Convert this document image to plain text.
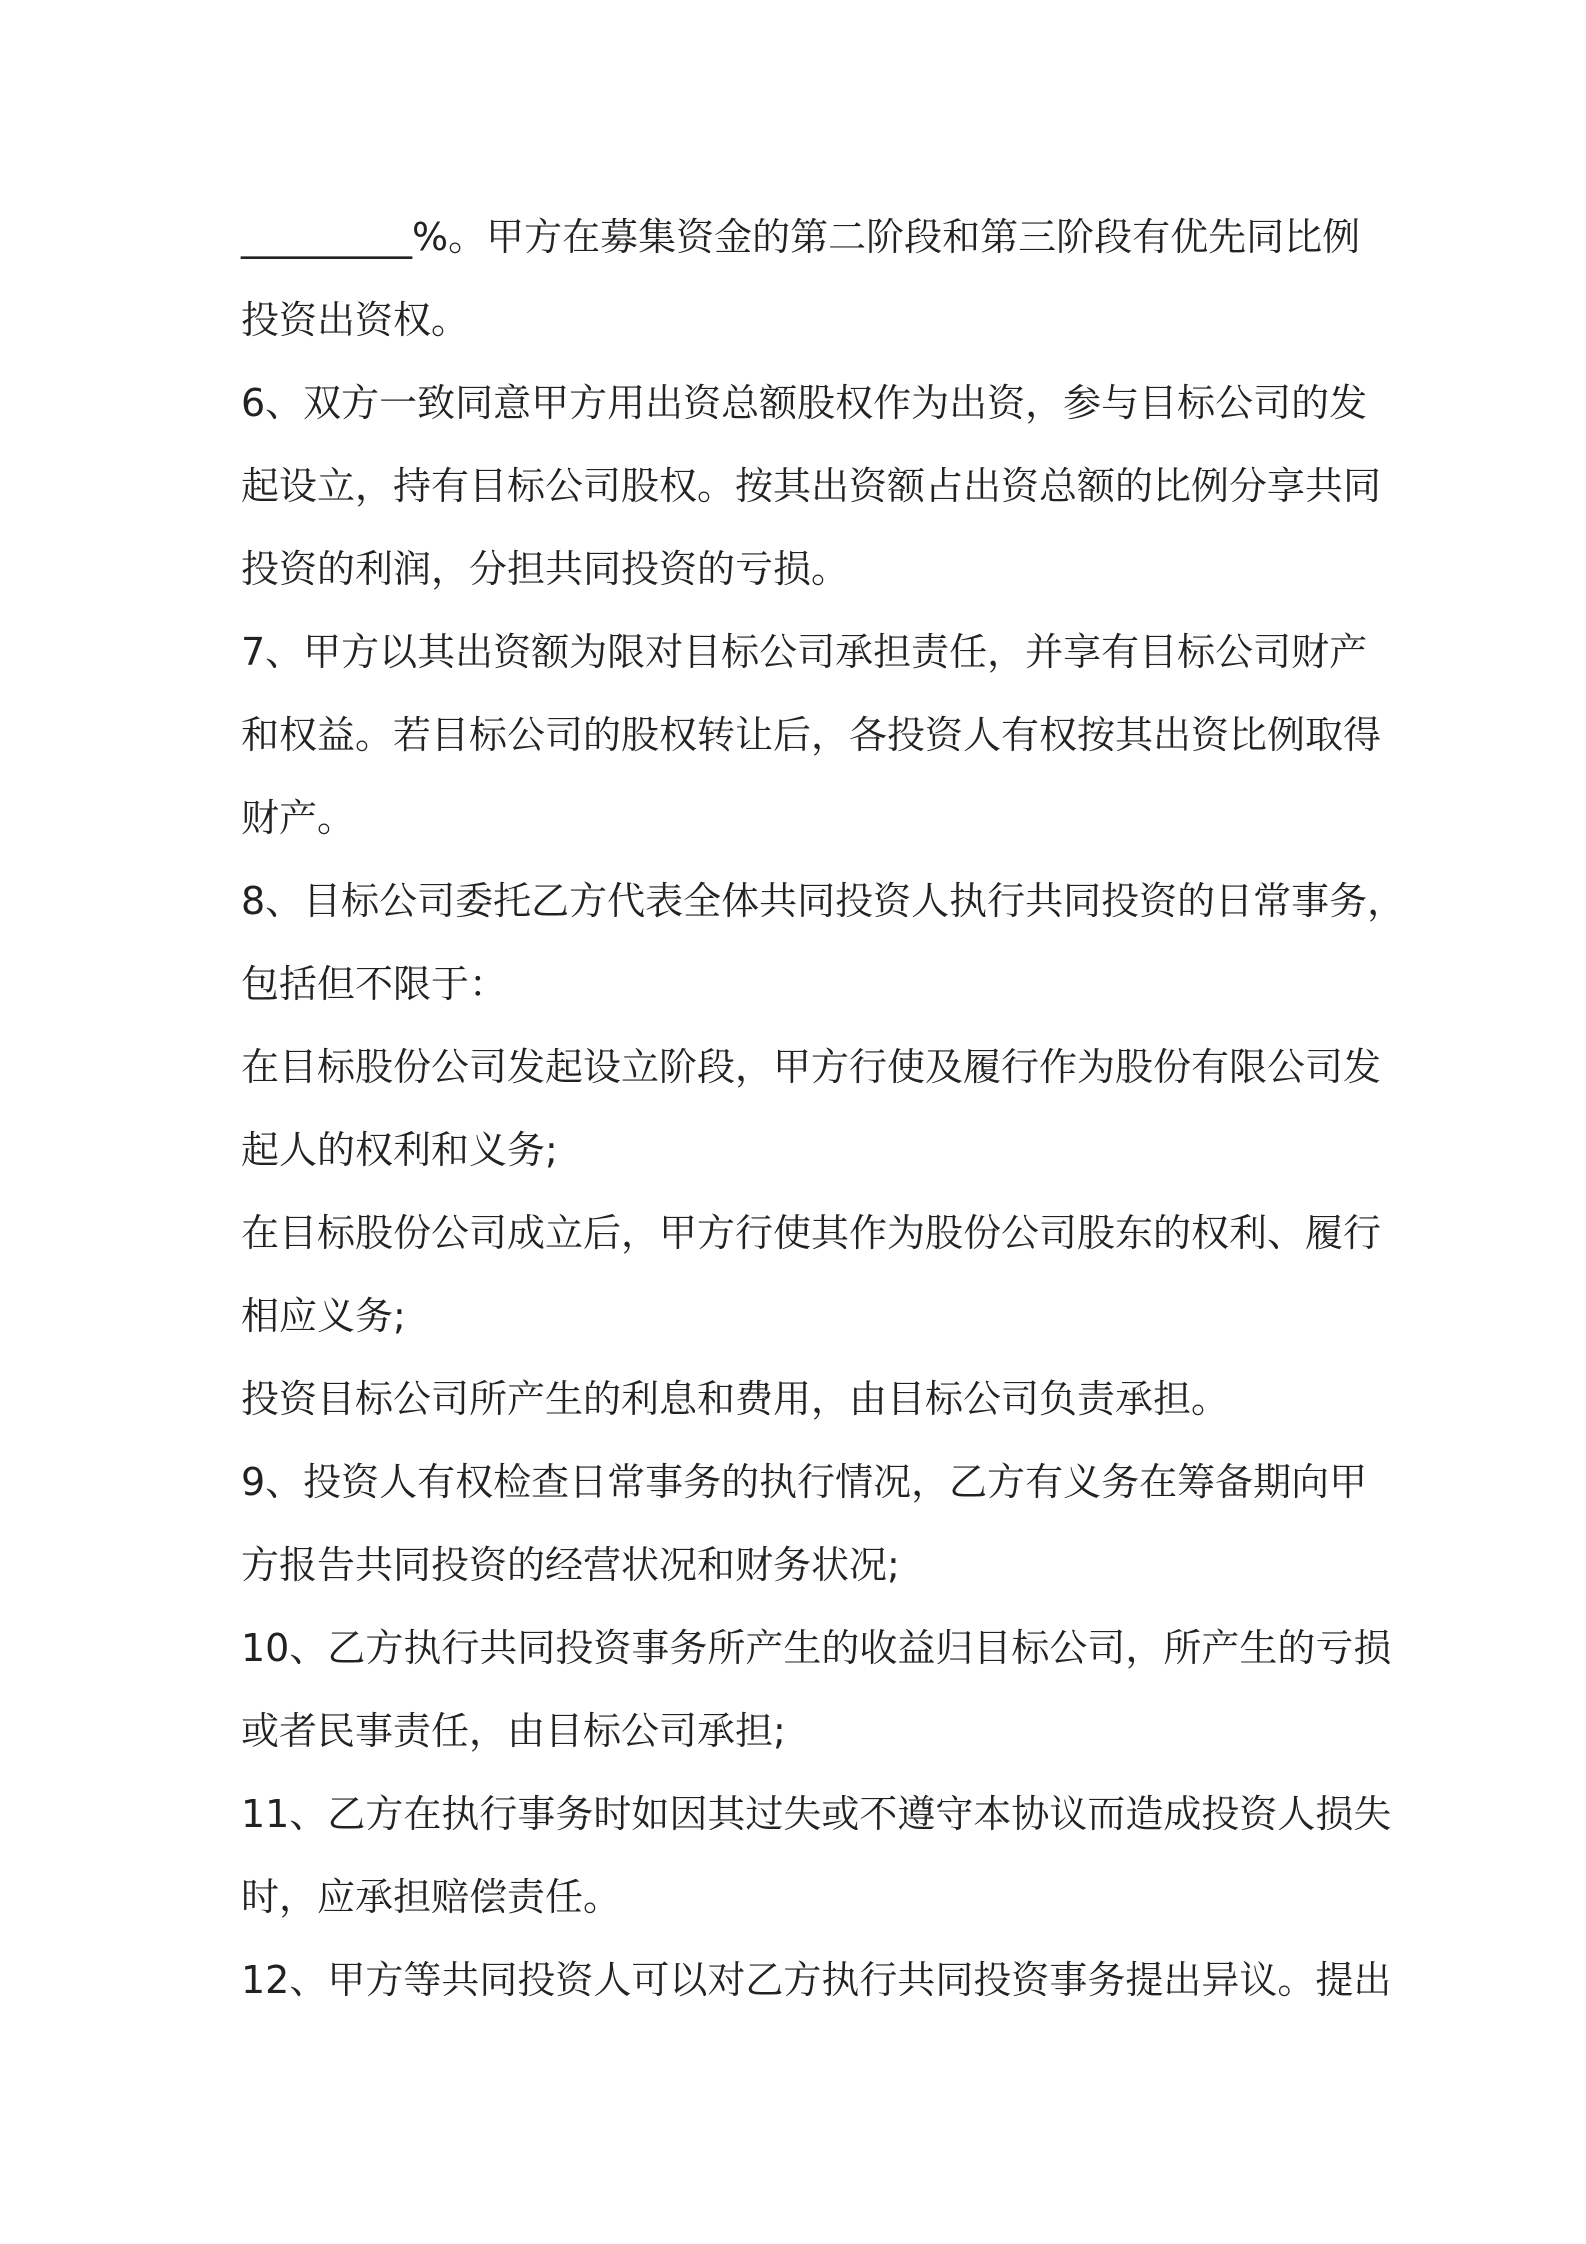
_________%。甲方在募集资金的第二阶段和第三阶段有优先同比例
投资出资权。

6、双方一致同意甲方用出资总额股权作为出资，参与目标公司的发
起设立，持有目标公司股权。按其出资额占出资总额的比例分享共同
投资的利润，分担共同投资的亏损。

7、甲方以其出资额为限对目标公司承担责任，并享有目标公司财产
和权益。若目标公司的股权转让后，各投资人有权按其出资比例取得
财产。

8、目标公司委托乙方代表全体共同投资人执行共同投资的日常事务，
包括但不限于：

在目标股份公司发起设立阶段，甲方行使及履行作为股份有限公司发
起人的权利和义务;

在目标股份公司成立后，甲方行使其作为股份公司股东的权利、履行
相应义务;

投资目标公司所产生的利息和费用，由目标公司负责承担。

9、投资人有权检查日常事务的执行情况，乙方有义务在筹备期向甲
方报告共同投资的经营状况和财务状况;

10、乙方执行共同投资事务所产生的收益归目标公司，所产生的亏损
或者民事责任，由目标公司承担;

11、乙方在执行事务时如因其过失或不遵守本协议而造成投资人损失
时，应承担赔偿责任。

12、甲方等共同投资人可以对乙方执行共同投资事务提出异议。提出
